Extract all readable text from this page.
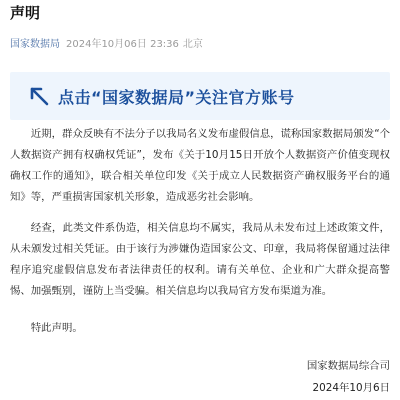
声明
国家数据局 2024年10月06日 23:36 北京
点击“国家数据局”关注官方账号

近期，群众反映有不法分子以我局名义发布虚假信息，谎称国家数据局颁发“个人数据资产拥有权确权凭证”，发布《关于10月15日开放个人数据资产价值变现权确权工作的通知》，联合相关单位印发《关于成立人民数据资产确权服务平台的通知》等，严重损害国家机关形象，造成恶劣社会影响。

经查，此类文件系伪造，相关信息均不属实，我局从未发布过上述政策文件，从未颁发过相关凭证。由于该行为涉嫌伪造国家公文、印章，我局将保留通过法律程序追究虚假信息发布者法律责任的权利。请有关单位、企业和广大群众提高警惕、加强甄别，谨防上当受骗。相关信息均以我局官方发布渠道为准。

特此声明。

国家数据局综合司
2024年10月6日
